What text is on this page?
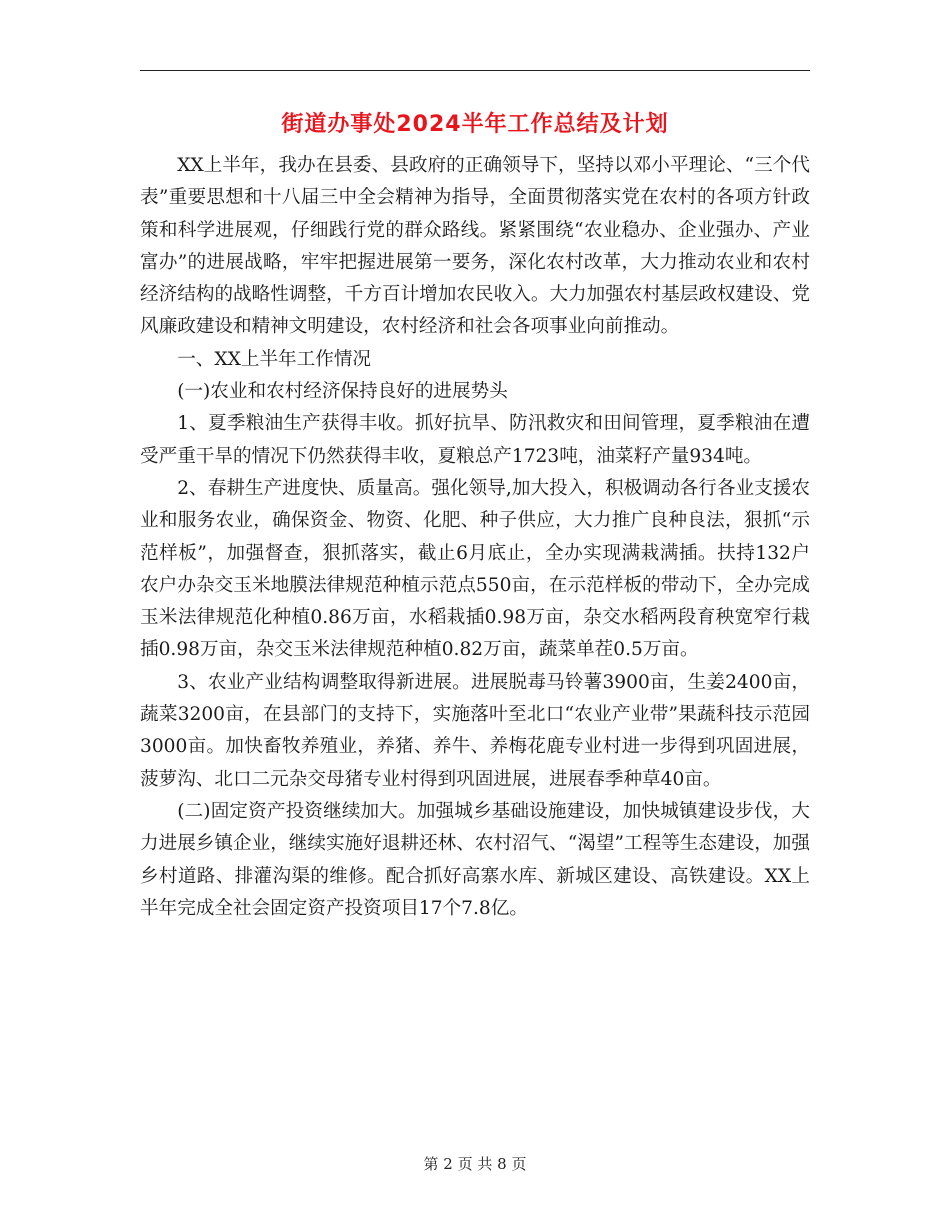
街道办事处2024半年工作总结及计划

XX上半年，我办在县委、县政府的正确领导下，坚持以邓小平理论、“三个代表”重要思想和十八届三中全会精神为指导，全面贯彻落实党在农村的各项方针政策和科学进展观，仔细践行党的群众路线。紧紧围绕“农业稳办、企业强办、产业富办”的进展战略，牢牢把握进展第一要务，深化农村改革，大力推动农业和农村经济结构的战略性调整，千方百计增加农民收入。大力加强农村基层政权建设、党风廉政建设和精神文明建设，农村经济和社会各项事业向前推动。

一、XX上半年工作情况

(一)农业和农村经济保持良好的进展势头

1、夏季粮油生产获得丰收。抓好抗旱、防汛救灾和田间管理，夏季粮油在遭受严重干旱的情况下仍然获得丰收，夏粮总产1723吨，油菜籽产量934吨。

2、春耕生产进度快、质量高。强化领导,加大投入，积极调动各行各业支援农业和服务农业，确保资金、物资、化肥、种子供应，大力推广良种良法，狠抓“示范样板”，加强督查，狠抓落实，截止6月底止，全办实现满栽满插。扶持132户农户办杂交玉米地膜法律规范种植示范点550亩，在示范样板的带动下，全办完成玉米法律规范化种植0.86万亩，水稻栽插0.98万亩，杂交水稻两段育秧宽窄行栽插0.98万亩，杂交玉米法律规范种植0.82万亩，蔬菜单茬0.5万亩。

3、农业产业结构调整取得新进展。进展脱毒马铃薯3900亩，生姜2400亩，蔬菜3200亩，在县部门的支持下，实施落叶至北口“农业产业带”果蔬科技示范园3000亩。加快畜牧养殖业，养猪、养牛、养梅花鹿专业村进一步得到巩固进展，菠萝沟、北口二元杂交母猪专业村得到巩固进展，进展春季种草40亩。

(二)固定资产投资继续加大。加强城乡基础设施建设，加快城镇建设步伐，大力进展乡镇企业，继续实施好退耕还林、农村沼气、“渴望”工程等生态建设，加强乡村道路、排灌沟渠的维修。配合抓好高寨水库、新城区建设、高铁建设。XX上半年完成全社会固定资产投资项目17个7.8亿。

第 2 页 共 8 页
